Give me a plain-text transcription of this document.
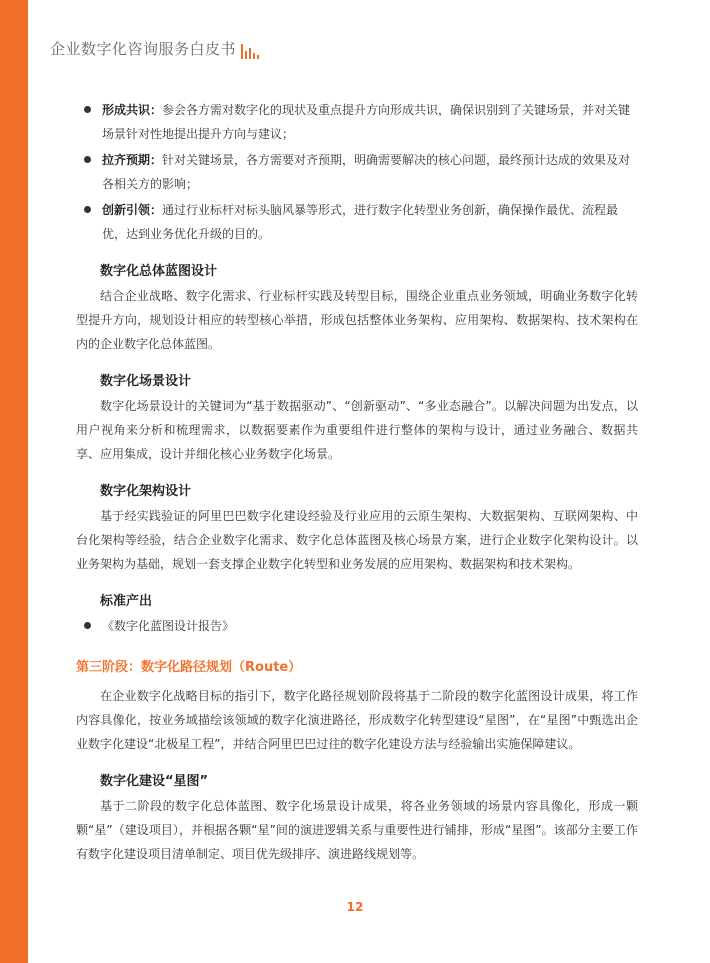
企业数字化咨询服务白皮书
形成共识：参会各方需对数字化的现状及重点提升方向形成共识，确保识别到了关键场景，并对关键场景针对性地提出提升方向与建议；
拉齐预期：针对关键场景，各方需要对齐预期，明确需要解决的核心问题，最终预计达成的效果及对各相关方的影响；
创新引领：通过行业标杆对标头脑风暴等形式，进行数字化转型业务创新，确保操作最优、流程最优，达到业务优化升级的目的。
数字化总体蓝图设计

结合企业战略、数字化需求、行业标杆实践及转型目标，围绕企业重点业务领域，明确业务数字化转型提升方向，规划设计相应的转型核心举措，形成包括整体业务架构、应用架构、数据架构、技术架构在内的企业数字化总体蓝图。

数字化场景设计

数字化场景设计的关键词为“基于数据驱动”、“创新驱动”、“多业态融合”。以解决问题为出发点，以用户视角来分析和梳理需求，以数据要素作为重要组件进行整体的架构与设计，通过业务融合、数据共享、应用集成，设计并细化核心业务数字化场景。

数字化架构设计

基于经实践验证的阿里巴巴数字化建设经验及行业应用的云原生架构、大数据架构、互联网架构、中台化架构等经验，结合企业数字化需求、数字化总体蓝图及核心场景方案，进行企业数字化架构设计。以业务架构为基础，规划一套支撑企业数字化转型和业务发展的应用架构、数据架构和技术架构。

标准产出
《数字化蓝图设计报告》
第三阶段：数字化路径规划（Route）

在企业数字化战略目标的指引下，数字化路径规划阶段将基于二阶段的数字化蓝图设计成果，将工作内容具像化，按业务域描绘该领域的数字化演进路径，形成数字化转型建设“星图”，在“星图”中甄选出企业数字化建设“北极星工程”，并结合阿里巴巴过往的数字化建设方法与经验输出实施保障建议。

数字化建设“星图”

基于二阶段的数字化总体蓝图、数字化场景设计成果，将各业务领域的场景内容具像化，形成一颗颗“星”（建设项目），并根据各颗“星”间的演进逻辑关系与重要性进行铺排，形成“星图”。该部分主要工作有数字化建设项目清单制定、项目优先级排序、演进路线规划等。

12
